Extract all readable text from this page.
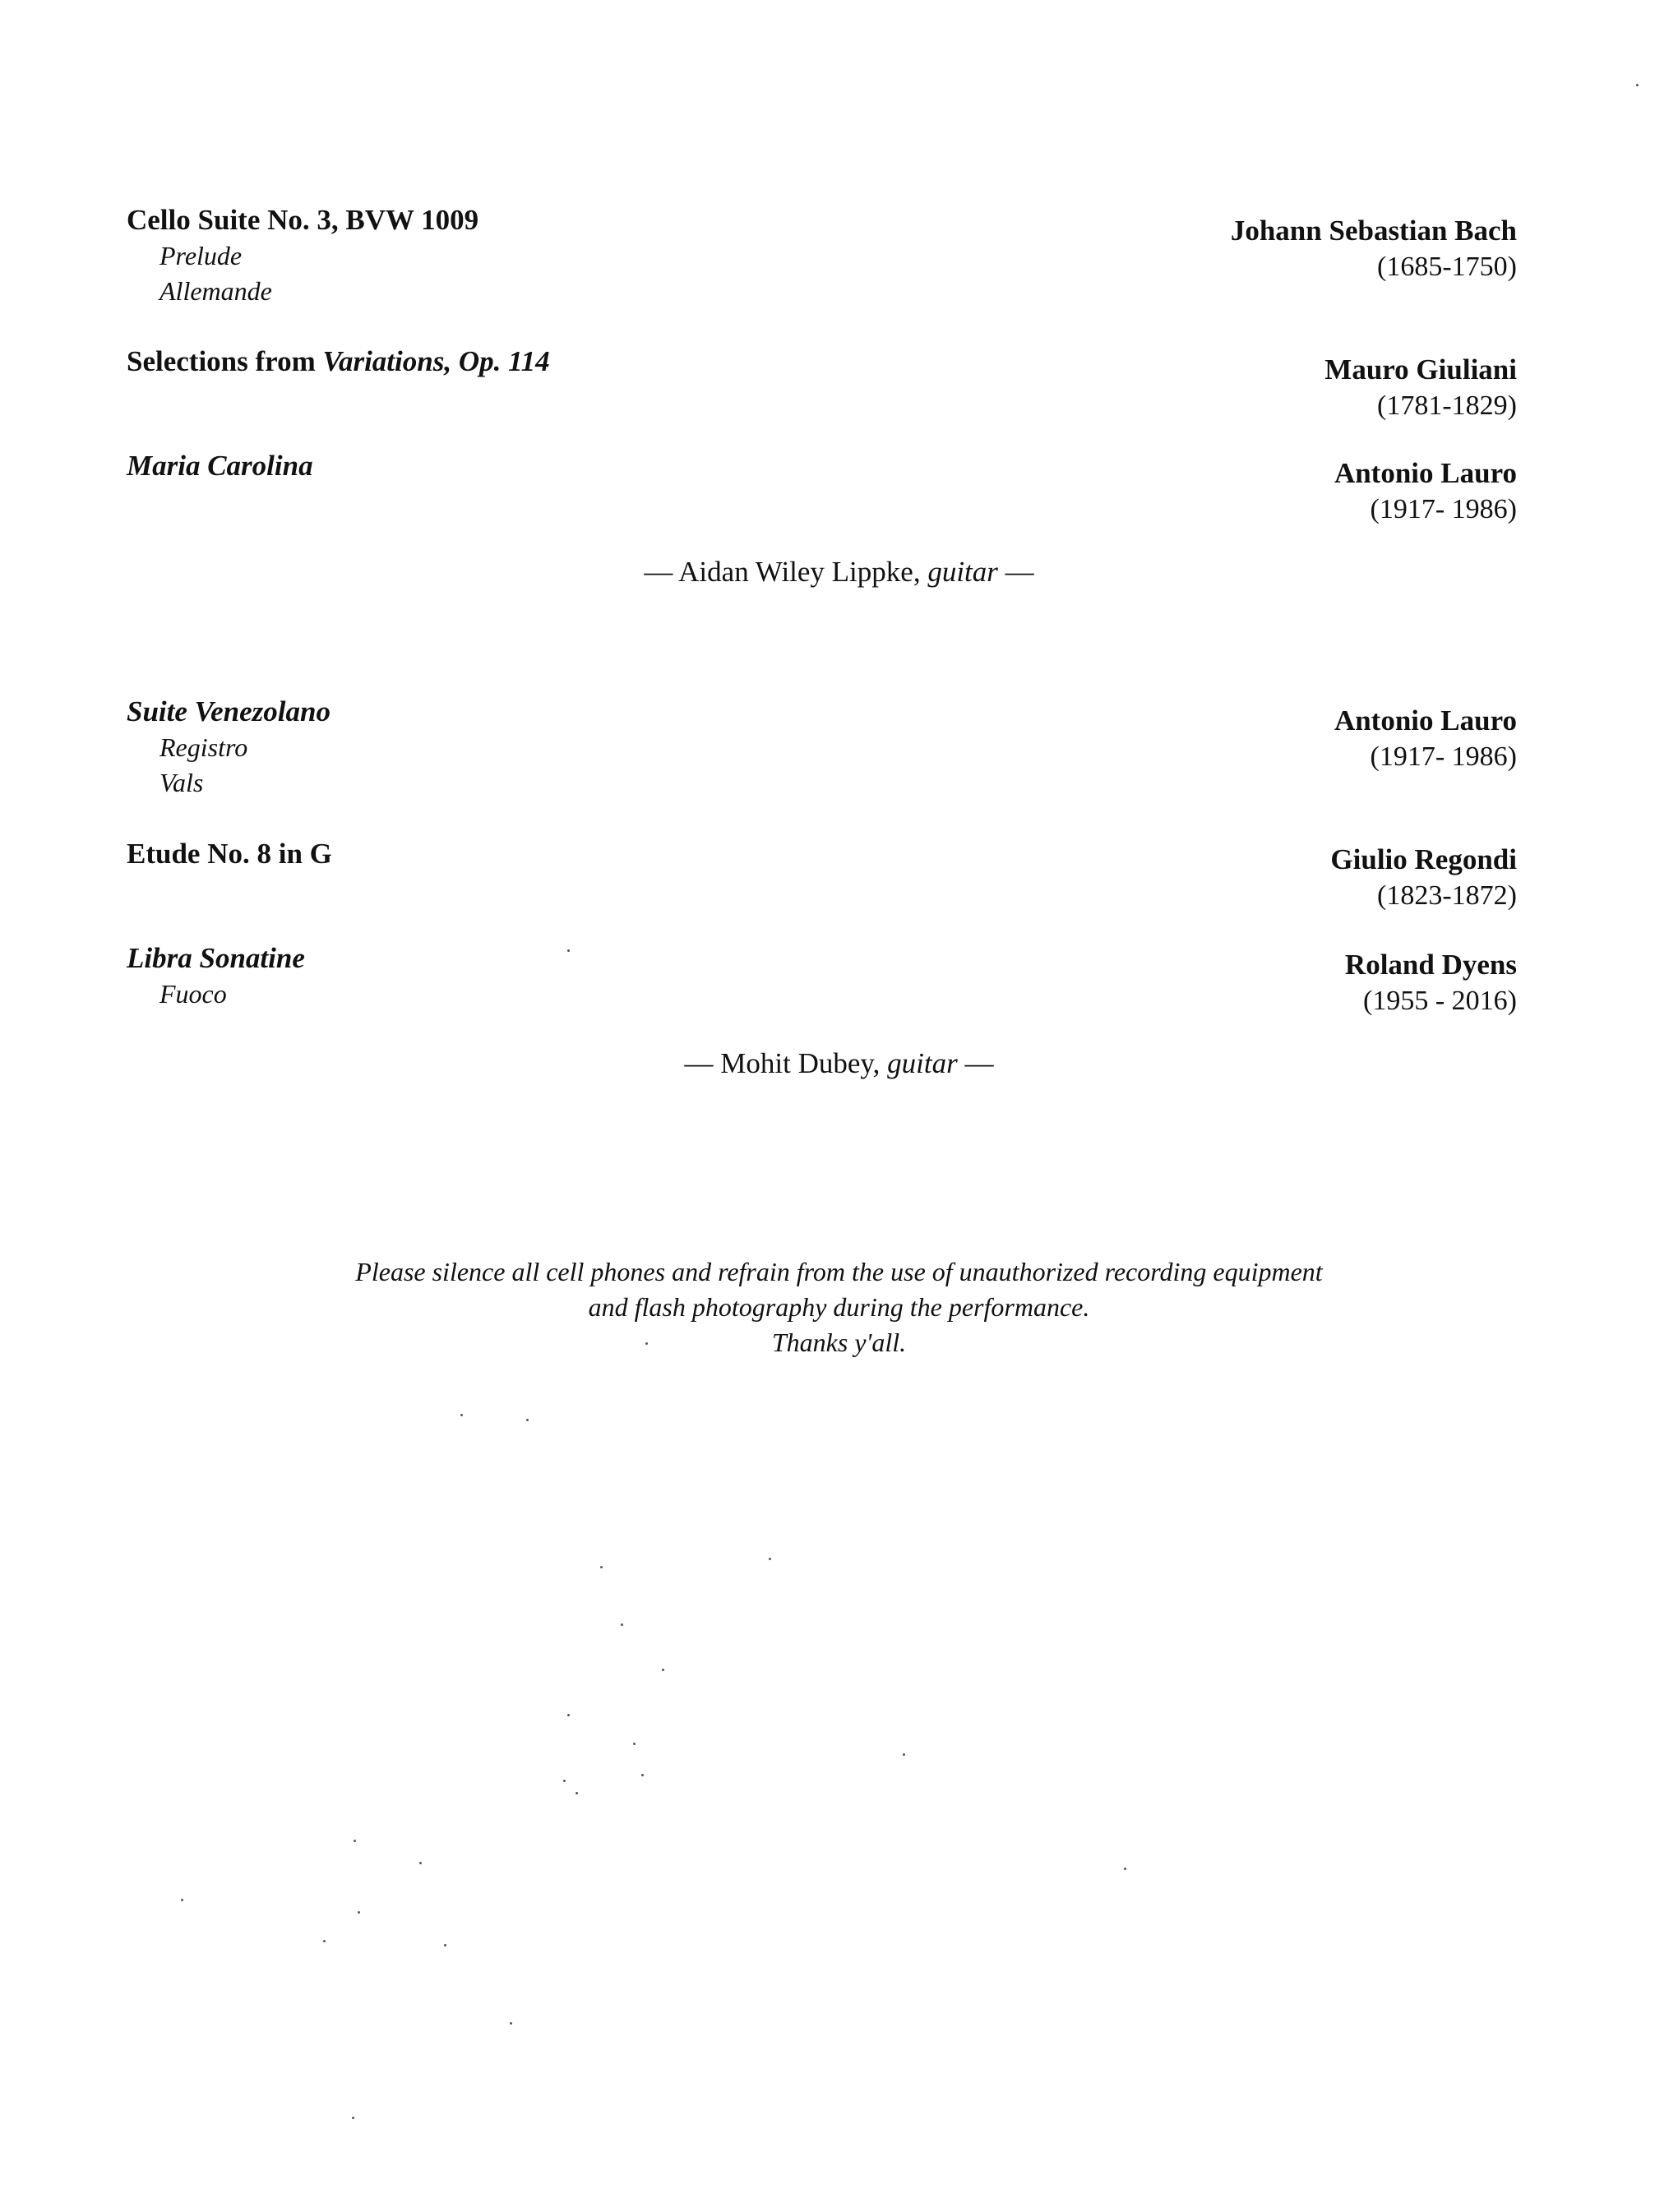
Cello Suite No. 3, BVW 1009
Prelude
Allemande
Selections from Variations, Op. 114
Maria Carolina
Johann Sebastian Bach
(1685-1750)
Mauro Giuliani
(1781-1829)
Antonio Lauro
(1917- 1986)
— Aidan Wiley Lippke, guitar —
Suite Venezolano
Registro
Vals
Etude No. 8 in G
Libra Sonatine
Fuoco
Antonio Lauro
(1917- 1986)
Giulio Regondi
(1823-1872)
Roland Dyens
(1955 - 2016)
— Mohit Dubey, guitar —
Please silence all cell phones and refrain from the use of unauthorized recording equipment
and flash photography during the performance.
Thanks y'all.
